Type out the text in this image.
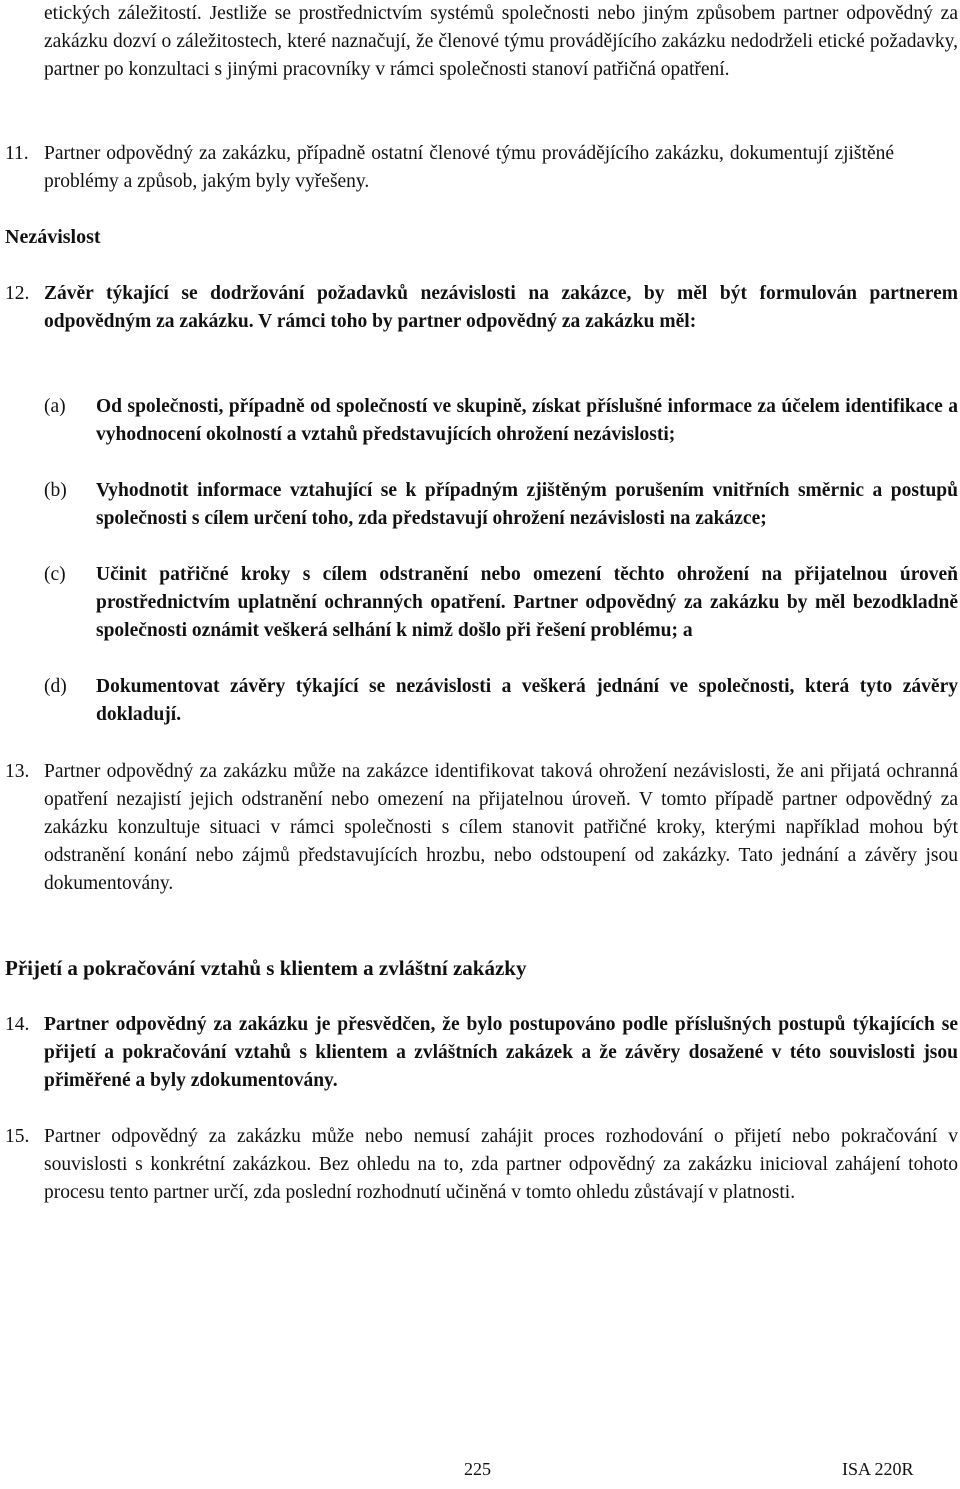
etických záležitostí. Jestliže se prostřednictvím systémů společnosti nebo jiným způsobem partner odpovědný za zakázku dozví o záležitostech, které naznačují, že členové týmu provádějícího zakázku nedodrželi etické požadavky, partner po konzultaci s jinými pracovníky v rámci společnosti stanoví patřičná opatření.
11. Partner odpovědný za zakázku, případně ostatní členové týmu provádějícího zakázku, dokumentují zjištěné problémy a způsob, jakým byly vyřešeny.
Nezávislost
12. Závěr týkající se dodržování požadavků nezávislosti na zakázce, by měl být formulován partnerem odpovědným za zakázku. V rámci toho by partner odpovědný za zakázku měl:
(a) Od společnosti, případně od společností ve skupině, získat příslušné informace za účelem identifikace a vyhodnocení okolností a vztahů představujících ohrožení nezávislosti;
(b) Vyhodnotit informace vztahující se k případným zjištěným porušením vnitřních směrnic a postupů společnosti s cílem určení toho, zda představují ohrožení nezávislosti na zakázce;
(c) Učinit patřičné kroky s cílem odstranění nebo omezení těchto ohrožení na přijatelnou úroveň prostřednictvím uplatnění ochranných opatření. Partner odpovědný za zakázku by měl bezodkladně společnosti oznámit veškerá selhání k nimž došlo při řešení problému; a
(d) Dokumentovat závěry týkající se nezávislosti a veškerá jednání ve společnosti, která tyto závěry dokladují.
13. Partner odpovědný za zakázku může na zakázce identifikovat taková ohrožení nezávislosti, že ani přijatá ochranná opatření nezajistí jejich odstranění nebo omezení na přijatelnou úroveň. V tomto případě partner odpovědný za zakázku konzultuje situaci v rámci společnosti s cílem stanovit patřičné kroky, kterými například mohou být odstranění konání nebo zájmů představujících hrozbu, nebo odstoupení od zakázky. Tato jednání a závěry jsou dokumentovány.
Přijetí a pokračování vztahů s klientem a zvláštní zakázky
14. Partner odpovědný za zakázku je přesvědčen, že bylo postupováno podle příslušných postupů týkajících se přijetí a pokračování vztahů s klientem a zvláštních zakázek a že závěry dosažené v této souvislosti jsou přiměřené a byly zdokumentovány.
15. Partner odpovědný za zakázku může nebo nemusí zahájit proces rozhodování o přijetí nebo pokračování v souvislosti s konkrétní zakázkou. Bez ohledu na to, zda partner odpovědný za zakázku inicioval zahájení tohoto procesu tento partner určí, zda poslední rozhodnutí učiněná v tomto ohledu zůstávají v platnosti.
225	ISA 220R
